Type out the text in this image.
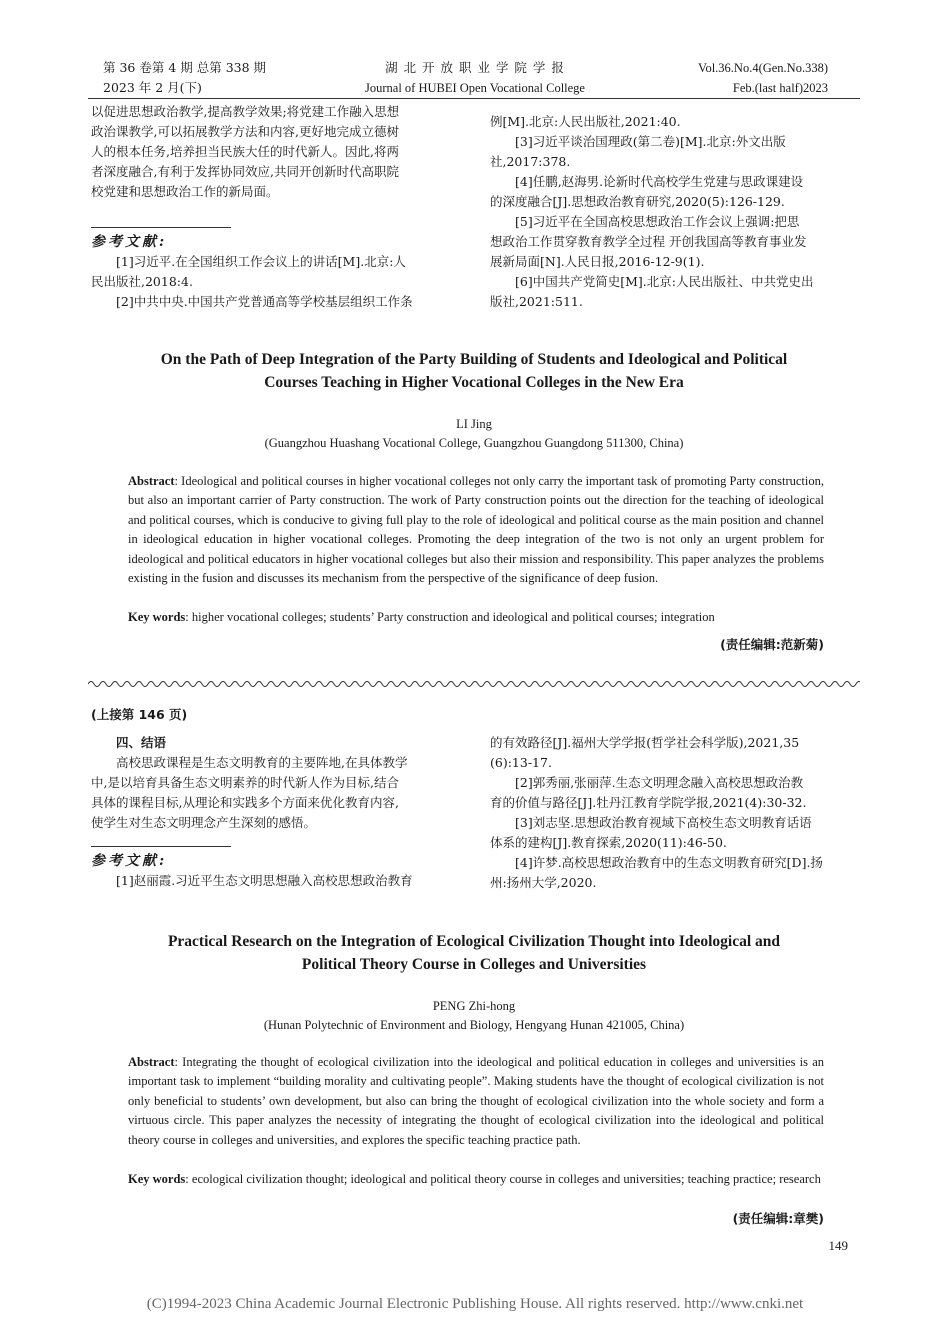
第 36 卷第 4 期 总第 338 期
2023 年 2 月(下)
湖 北 开 放 职 业 学 院 学 报
Journal of HUBEI Open Vocational College
Vol.36.No.4(Gen.No.338)
Feb.(last half)2023

以促进思想政治教学,提高教学效果;将党建工作融入思想

政治课教学,可以拓展教学方法和内容,更好地完成立德树

人的根本任务,培养担当民族大任的时代新人。因此,将两

者深度融合,有利于发挥协同效应,共同开创新时代高职院

校党建和思想政治工作的新局面。

参考文献:

[1]习近平.在全国组织工作会议上的讲话[M].北京:人

民出版社,2018:4.

[2]中共中央.中国共产党普通高等学校基层组织工作条

例[M].北京:人民出版社,2021:40.

[3]习近平谈治国理政(第二卷)[M].北京:外文出版

社,2017:378.

[4]任鹏,赵海男.论新时代高校学生党建与思政课建设

的深度融合[J].思想政治教育研究,2020(5):126-129.

[5]习近平在全国高校思想政治工作会议上强调:把思

想政治工作贯穿教育教学全过程 开创我国高等教育事业发

展新局面[N].人民日报,2016-12-9(1).

[6]中国共产党简史[M].北京:人民出版社、中共党史出

版社,2021:511.

On the Path of Deep Integration of the Party Building of Students and Ideological and Political
Courses Teaching in Higher Vocational Colleges in the New Era
LI Jing
(Guangzhou Huashang Vocational College, Guangzhou Guangdong 511300, China)
Abstract: Ideological and political courses in higher vocational colleges not only carry the important task of promoting Party construction, but also an important carrier of Party construction. The work of Party construction points out the direction for the teaching of ideological and political courses, which is conducive to giving full play to the role of ideological and political course as the main position and channel in ideological education in higher vocational colleges. Promoting the deep integration of the two is not only an urgent problem for ideological and political educators in higher vocational colleges but also their mission and responsibility. This paper analyzes the problems existing in the fusion and discusses its mechanism from the perspective of the significance of deep fusion.
Key words: higher vocational colleges; students’ Party construction and ideological and political courses; integration
(责任编辑:范新菊)
(上接第 146 页)

四、结语

高校思政课程是生态文明教育的主要阵地,在具体教学

中,是以培育具备生态文明素养的时代新人作为目标,结合

具体的课程目标,从理论和实践多个方面来优化教育内容,

使学生对生态文明理念产生深刻的感悟。

参考文献:

[1]赵丽霞.习近平生态文明思想融入高校思想政治教育

的有效路径[J].福州大学学报(哲学社会科学版),2021,35

(6):13-17.

[2]郭秀丽,张丽萍.生态文明理念融入高校思想政治教

育的价值与路径[J].牡丹江教育学院学报,2021(4):30-32.

[3]刘志坚.思想政治教育视域下高校生态文明教育话语

体系的建构[J].教育探索,2020(11):46-50.

[4]许梦.高校思想政治教育中的生态文明教育研究[D].扬

州:扬州大学,2020.

Practical Research on the Integration of Ecological Civilization Thought into Ideological and
Political Theory Course in Colleges and Universities
PENG Zhi-hong
(Hunan Polytechnic of Environment and Biology, Hengyang Hunan 421005, China)
Abstract: Integrating the thought of ecological civilization into the ideological and political education in colleges and universities is an important task to implement “building morality and cultivating people”. Making students have the thought of ecological civilization is not only beneficial to students’ own development, but also can bring the thought of ecological civilization into the whole society and form a virtuous circle. This paper analyzes the necessity of integrating the thought of ecological civilization into the ideological and political theory course in colleges and universities, and explores the specific teaching practice path.
Key words: ecological civilization thought; ideological and political theory course in colleges and universities; teaching practice; research
(责任编辑:章樊)
149
(C)1994-2023 China Academic Journal Electronic Publishing House. All rights reserved. http://www.cnki.net
